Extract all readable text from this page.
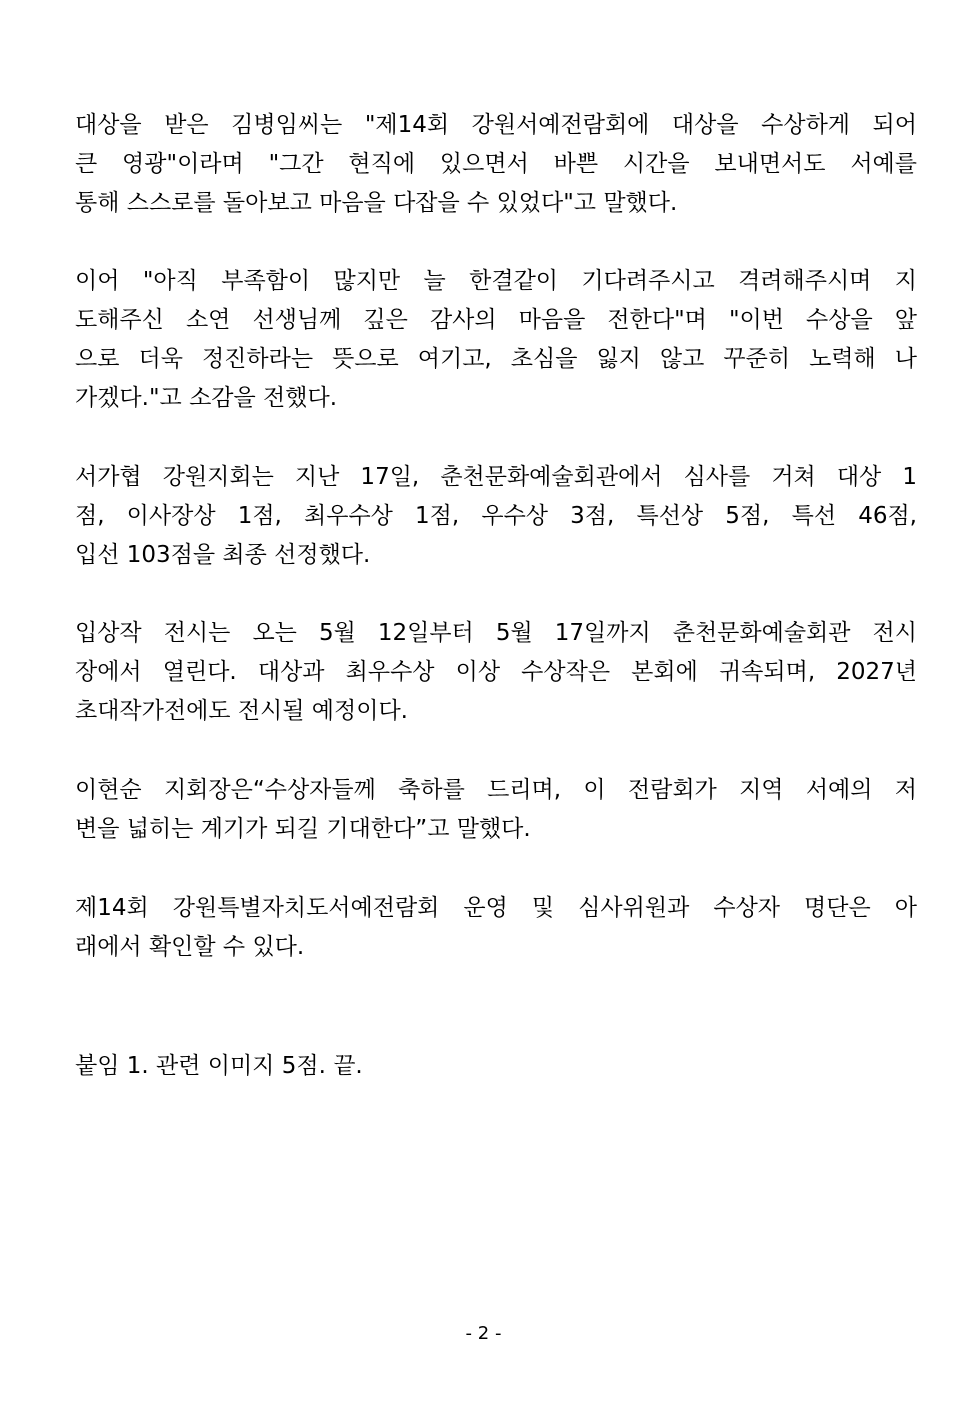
대상을 받은 김병임씨는 "제14회 강원서예전람회에 대상을 수상하게 되어
큰 영광"이라며 "그간 현직에 있으면서 바쁜 시간을 보내면서도 서예를
통해 스스로를 돌아보고 마음을 다잡을 수 있었다"고 말했다.
이어 "아직 부족함이 많지만 늘 한결같이 기다려주시고 격려해주시며 지
도해주신 소연 선생님께 깊은 감사의 마음을 전한다"며 "이번 수상을 앞
으로 더욱 정진하라는 뜻으로 여기고, 초심을 잃지 않고 꾸준히 노력해 나
가겠다."고 소감을 전했다.
서가협 강원지회는 지난 17일, 춘천문화예술회관에서 심사를 거쳐 대상 1
점, 이사장상 1점, 최우수상 1점, 우수상 3점, 특선상 5점, 특선 46점,
입선 103점을 최종 선정했다.
입상작 전시는 오는 5월 12일부터 5월 17일까지 춘천문화예술회관 전시
장에서 열린다. 대상과 최우수상 이상 수상작은 본회에 귀속되며, 2027년
초대작가전에도 전시될 예정이다.
이현순 지회장은“수상자들께 축하를 드리며, 이 전람회가 지역 서예의 저
변을 넓히는 계기가 되길 기대한다”고 말했다.
제14회 강원특별자치도서예전람회 운영 및 심사위원과 수상자 명단은 아
래에서 확인할 수 있다.
붙임 1. 관련 이미지 5점. 끝.
- 2 -
